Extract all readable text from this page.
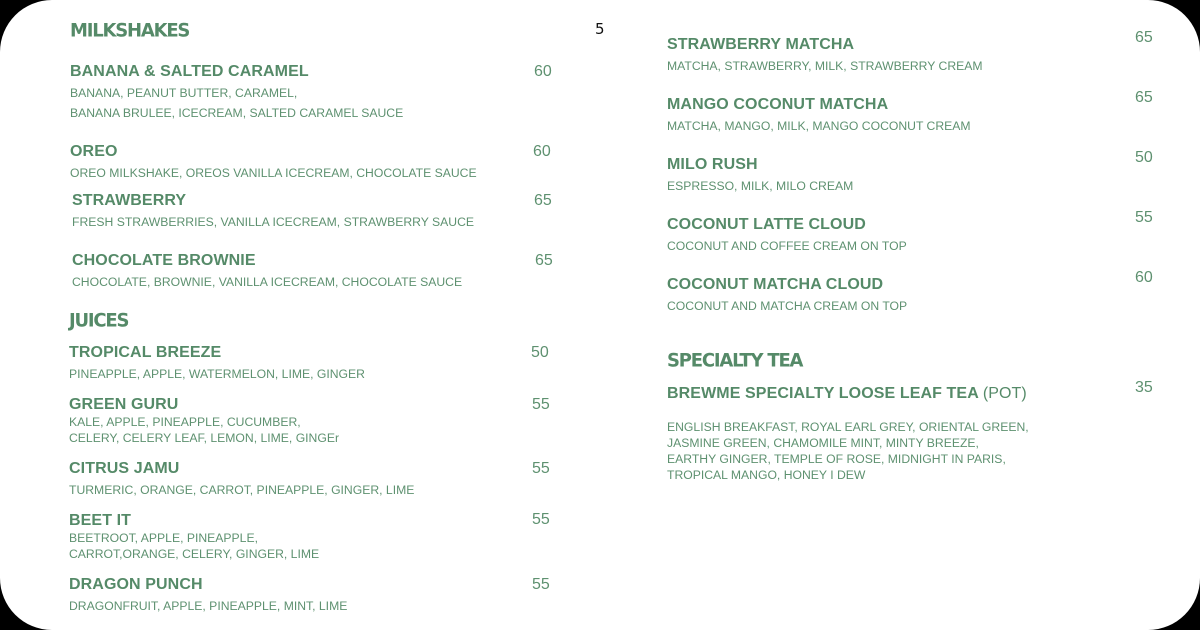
5
MILKSHAKES
BANANA & SALTED CARAMEL	60
BANANA, PEANUT BUTTER, CARAMEL,
BANANA BRULEE, ICECREAM, SALTED CARAMEL SAUCE
OREO	60
OREO MILKSHAKE, OREOS VANILLA ICECREAM, CHOCOLATE SAUCE
STRAWBERRY	65
FRESH STRAWBERRIES, VANILLA ICECREAM, STRAWBERRY SAUCE
CHOCOLATE BROWNIE	65
CHOCOLATE, BROWNIE, VANILLA ICECREAM, CHOCOLATE SAUCE
JUICES
TROPICAL BREEZE	50
PINEAPPLE, APPLE, WATERMELON, LIME, GINGER
GREEN GURU	55
KALE, APPLE, PINEAPPLE, CUCUMBER,
CELERY, CELERY LEAF, LEMON, LIME, GINGEr
CITRUS JAMU	55
TURMERIC, ORANGE, CARROT, PINEAPPLE, GINGER, LIME
BEET IT	55
BEETROOT, APPLE, PINEAPPLE,
CARROT,ORANGE, CELERY, GINGER, LIME
DRAGON PUNCH	55
DRAGONFRUIT, APPLE, PINEAPPLE, MINT, LIME
STRAWBERRY MATCHA	65
MATCHA, STRAWBERRY, MILK, STRAWBERRY CREAM
MANGO COCONUT MATCHA	65
MATCHA, MANGO, MILK, MANGO COCONUT CREAM
MILO RUSH	50
ESPRESSO, MILK, MILO CREAM
COCONUT LATTE CLOUD	55
COCONUT AND COFFEE CREAM ON TOP
COCONUT MATCHA CLOUD	60
COCONUT AND MATCHA CREAM ON TOP
SPECIALTY TEA
BREWME SPECIALTY LOOSE LEAF TEA (POT)	35
ENGLISH BREAKFAST, ROYAL EARL GREY, ORIENTAL GREEN,
JASMINE GREEN, CHAMOMILE MINT, MINTY BREEZE,
EARTHY GINGER, TEMPLE OF ROSE, MIDNIGHT IN PARIS,
TROPICAL MANGO, HONEY I DEW
